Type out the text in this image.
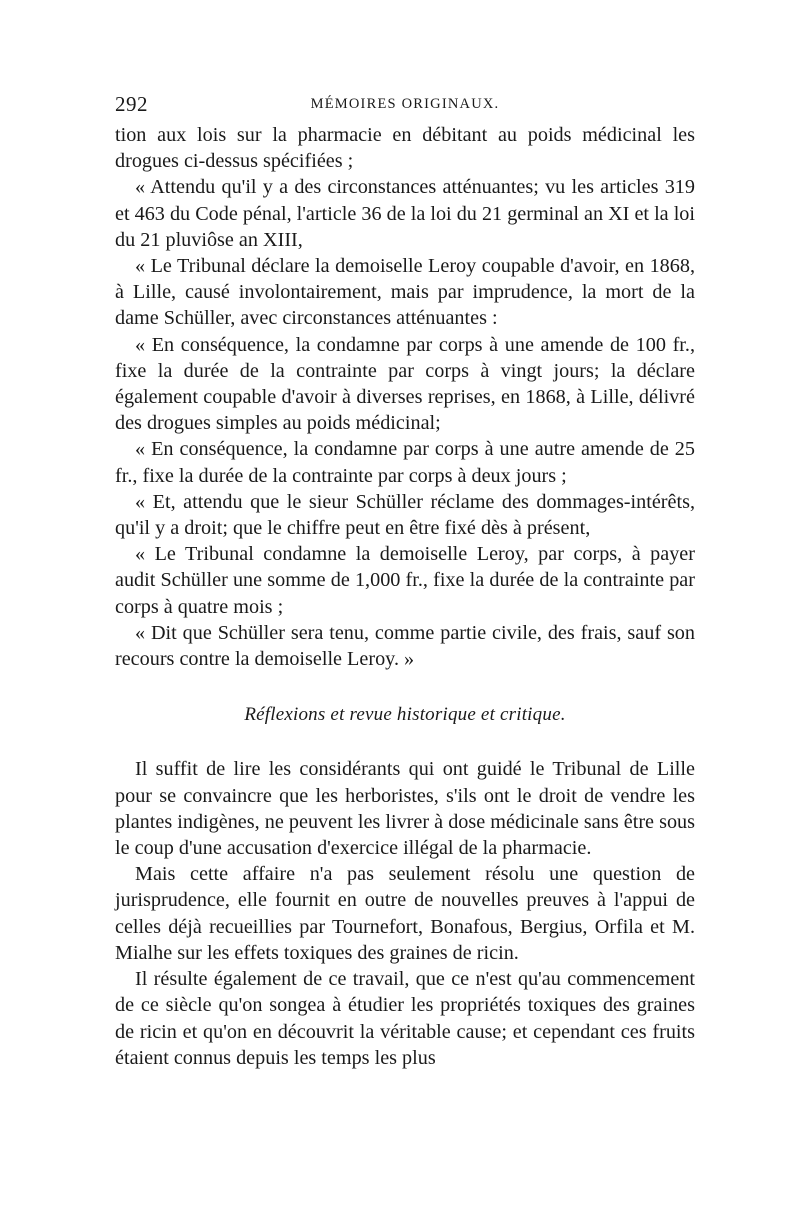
292	MÉMOIRES ORIGINAUX.

tion aux lois sur la pharmacie en débitant au poids médicinal les drogues ci-dessus spécifiées ;

« Attendu qu'il y a des circonstances atténuantes; vu les articles 319 et 463 du Code pénal, l'article 36 de la loi du 21 germinal an XI et la loi du 21 pluviôse an XIII,

« Le Tribunal déclare la demoiselle Leroy coupable d'avoir, en 1868, à Lille, causé involontairement, mais par imprudence, la mort de la dame Schüller, avec circonstances atténuantes :

« En conséquence, la condamne par corps à une amende de 100 fr., fixe la durée de la contrainte par corps à vingt jours; la déclare également coupable d'avoir à diverses reprises, en 1868, à Lille, délivré des drogues simples au poids médicinal;

« En conséquence, la condamne par corps à une autre amende de 25 fr., fixe la durée de la contrainte par corps à deux jours ;

« Et, attendu que le sieur Schüller réclame des dommages-intérêts, qu'il y a droit; que le chiffre peut en être fixé dès à présent,

« Le Tribunal condamne la demoiselle Leroy, par corps, à payer audit Schüller une somme de 1,000 fr., fixe la durée de la contrainte par corps à quatre mois ;

« Dit que Schüller sera tenu, comme partie civile, des frais, sauf son recours contre la demoiselle Leroy. »

Réflexions et revue historique et critique.

Il suffit de lire les considérants qui ont guidé le Tribunal de Lille pour se convaincre que les herboristes, s'ils ont le droit de vendre les plantes indigènes, ne peuvent les livrer à dose médicinale sans être sous le coup d'une accusation d'exercice illégal de la pharmacie.

Mais cette affaire n'a pas seulement résolu une question de jurisprudence, elle fournit en outre de nouvelles preuves à l'appui de celles déjà recueillies par Tournefort, Bonafous, Bergius, Orfila et M. Mialhe sur les effets toxiques des graines de ricin.

Il résulte également de ce travail, que ce n'est qu'au commencement de ce siècle qu'on songea à étudier les propriétés toxiques des graines de ricin et qu'on en découvrit la véritable cause; et cependant ces fruits étaient connus depuis les temps les plus
